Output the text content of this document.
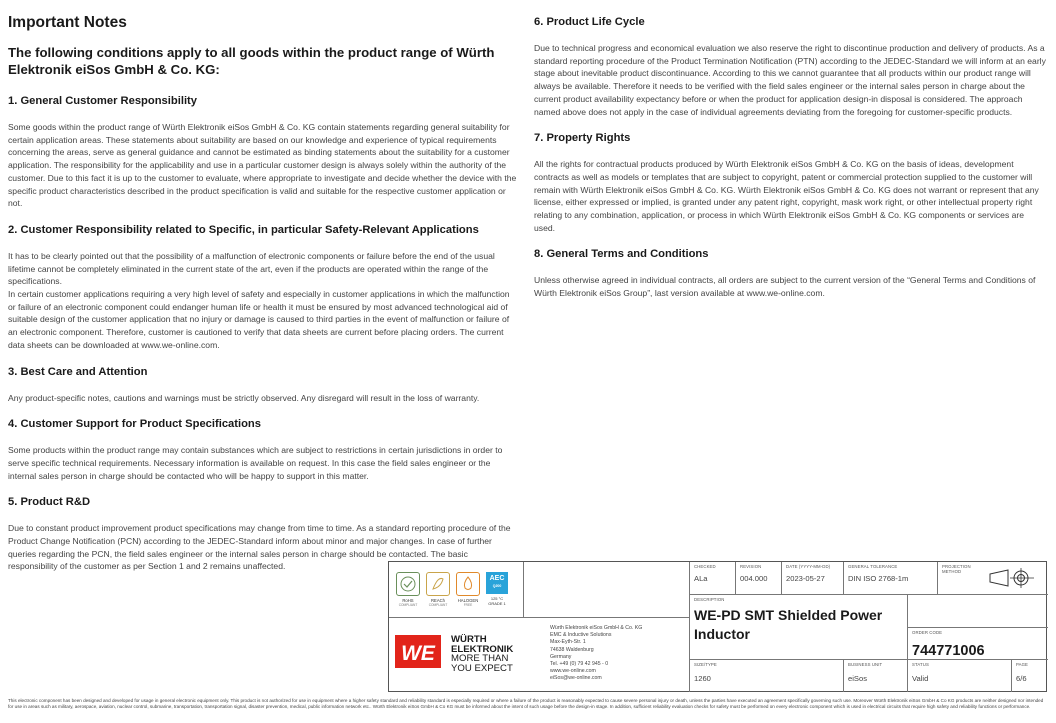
Important Notes
The following conditions apply to all goods within the product range of Würth Elektronik eiSos GmbH & Co. KG:
1. General Customer Responsibility

Some goods within the product range of Würth Elektronik eiSos GmbH & Co. KG contain statements regarding general suitability for certain application areas. These statements about suitability are based on our knowledge and experience of typical requirements concerning the areas, serve as general guidance and cannot be estimated as binding statements about the suitability for a customer application. The responsibility for the applicability and use in a particular customer design is always solely within the authority of the customer. Due to this fact it is up to the customer to evaluate, where appropriate to investigate and decide whether the device with the specific product characteristics described in the product specification is valid and suitable for the respective customer application or not.

2. Customer Responsibility related to Specific, in particular Safety-Relevant Applications

It has to be clearly pointed out that the possibility of a malfunction of electronic components or failure before the end of the usual lifetime cannot be completely eliminated in the current state of the art, even if the products are operated within the range of the specifications.

In certain customer applications requiring a very high level of safety and especially in customer applications in which the malfunction or failure of an electronic component could endanger human life or health it must be ensured by most advanced technological aid of suitable design of the customer application that no injury or damage is caused to third parties in the event of malfunction or failure of an electronic component. Therefore, customer is cautioned to verify that data sheets are current before placing orders. The current data sheets can be downloaded at www.we-online.com.

3. Best Care and Attention

Any product-specific notes, cautions and warnings must be strictly observed. Any disregard will result in the loss of warranty.

4. Customer Support for Product Specifications

Some products within the product range may contain substances which are subject to restrictions in certain jurisdictions in order to serve specific technical requirements. Necessary information is available on request. In this case the field sales engineer or the internal sales person in charge should be contacted who will be happy to support in this matter.

5. Product R&D

Due to constant product improvement product specifications may change from time to time. As a standard reporting procedure of the Product Change Notification (PCN) according to the JEDEC-Standard inform about minor and major changes. In case of further queries regarding the PCN, the field sales engineer or the internal sales person in charge should be contacted. The basic responsibility of the customer as per Section 1 and 2 remains unaffected.

6. Product Life Cycle

Due to technical progress and economical evaluation we also reserve the right to discontinue production and delivery of products. As a standard reporting procedure of the Product Termination Notification (PTN) according to the JEDEC-Standard we will inform at an early stage about inevitable product discontinuance. According to this we cannot guarantee that all products within our product range will always be available. Therefore it needs to be verified with the field sales engineer or the internal sales person in charge about the current product availability expectancy before or when the product for application design-in disposal is considered. The approach named above does not apply in the case of individual agreements deviating from the foregoing for customer-specific products.

7. Property Rights

All the rights for contractual products produced by Würth Elektronik eiSos GmbH & Co. KG on the basis of ideas, development contracts as well as models or templates that are subject to copyright, patent or commercial protection supplied to the customer will remain with Würth Elektronik eiSos GmbH & Co. KG. Würth Elektronik eiSos GmbH & Co. KG does not warrant or represent that any license, either expressed or implied, is granted under any patent right, copyright, mask work right, or other intellectual property right relating to any combination, application, or process in which Würth Elektronik eiSos GmbH & Co. KG components or services are used.

8. General Terms and Conditions

Unless otherwise agreed in individual contracts, all orders are subject to the current version of the “General Terms and Conditions of Würth Elektronik eiSos Group”, last version available at www.we-online.com.

RoHS
COMPLIANT
REACh
COMPLIANT
HALOGEN
FREE
AEC
Q200
125 °C
GRADE 1
WE
WÜRTH
ELEKTRONIK
MORE THAN
YOU EXPECT
Würth Elektronik eiSos GmbH & Co. KG
EMC & Inductive Solutions
Max-Eyth-Str. 1
74638 Waldenburg
Germany
Tel. +49 (0) 79 42 945 - 0
www.we-online.com
eiSos@we-online.com
CHECKED
ALa
REVISION
004.000
DATE (YYYY-MM-DD)
2023-05-27
GENERAL TOLERANCE
DIN ISO 2768-1m
PROJECTION METHOD
DESCRIPTION
WE-PD SMT Shielded Power
Inductor	ORDER CODE
744771006
SIZE/TYPE
1260
BUSINESS UNIT
eiSos
STATUS
Valid
PAGE
6/6
This electronic component has been designed and developed for usage in general electronic equipment only. This product is not authorized for use in equipment where a higher safety standard and reliability standard is especially required or where a failure of the product is reasonably expected to cause severe personal injury or death, unless the parties have executed an agreement specifically governing such use. Moreover Würth Elektronik eiSos GmbH & Co KG products are neither designed nor intended for use in areas such as military, aerospace, aviation, nuclear control, submarine, transportation, transportation signal, disaster prevention, medical, public information network etc.. Würth Elektronik eiSos GmbH & Co KG must be informed about the intent of such usage before the design-in stage. In addition, sufficient reliability evaluation checks for safety must be performed on every electronic component which is used in electrical circuits that require high safety and reliability functions or performance.
